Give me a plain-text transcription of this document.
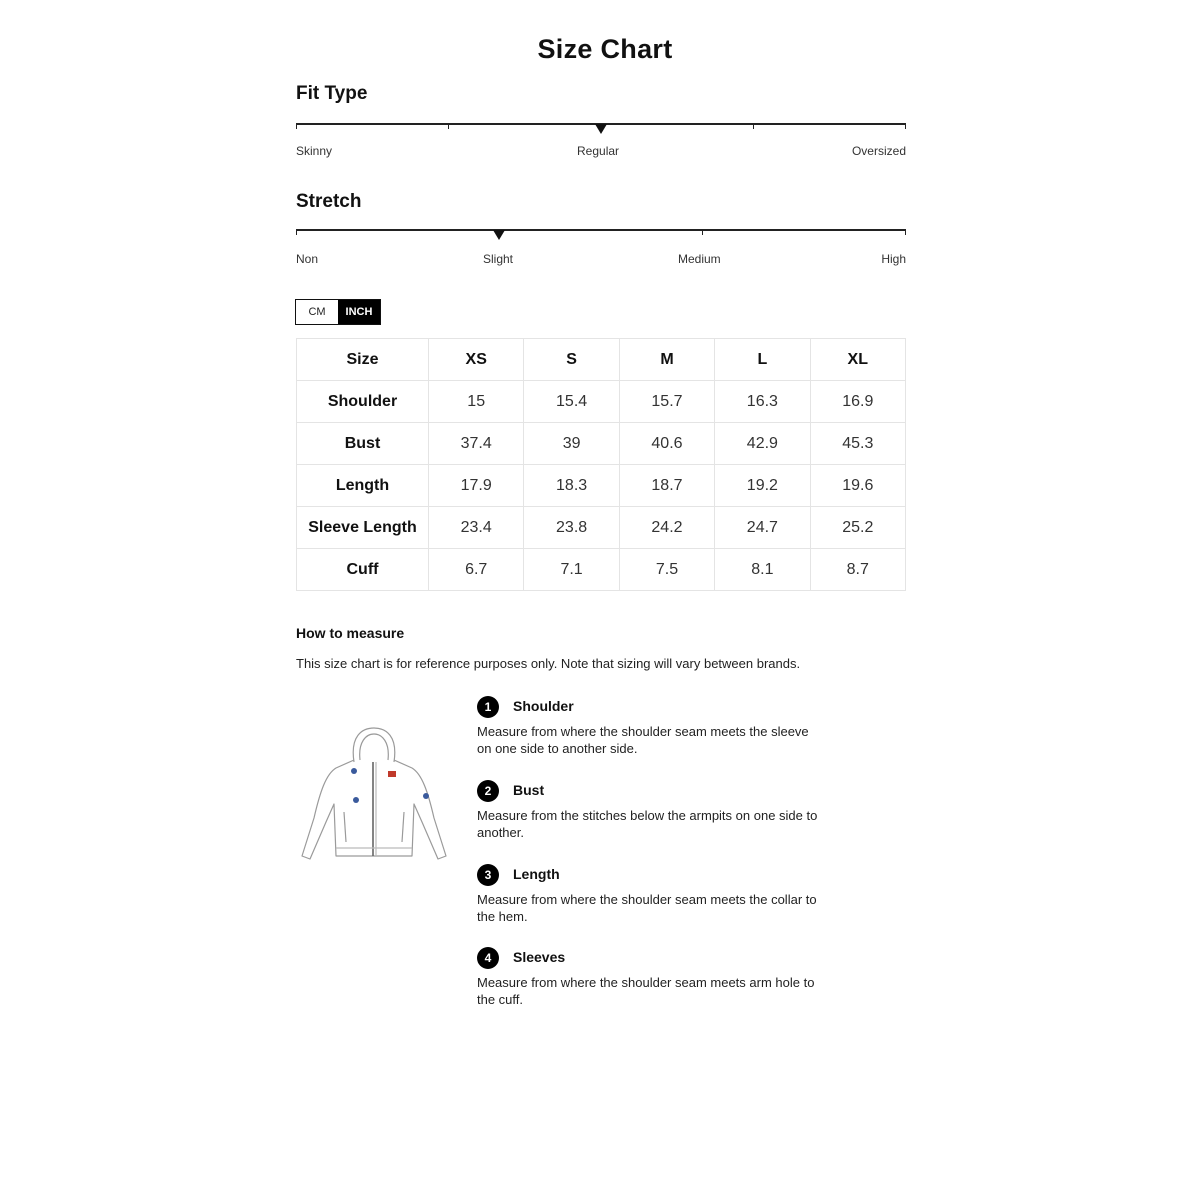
Size Chart
Fit Type
Skinny	Regular	Oversized
Stretch
Non	Slight	Medium	High
CM	INCH
Size	XS	S	M	L	XL
Shoulder	15	15.4	15.7	16.3	16.9
Bust	37.4	39	40.6	42.9	45.3
Length	17.9	18.3	18.7	19.2	19.6
Sleeve Length	23.4	23.8	24.2	24.7	25.2
Cuff	6.7	7.1	7.5	8.1	8.7
How to measure
This size chart is for reference purposes only. Note that sizing will vary between brands.
1	Shoulder
Measure from where the shoulder seam meets the sleeve on one side to another side.
2	Bust
Measure from the stitches below the armpits on one side to another.
3	Length
Measure from where the shoulder seam meets the collar to the hem.
4	Sleeves
Measure from where the shoulder seam meets arm hole to the cuff.
